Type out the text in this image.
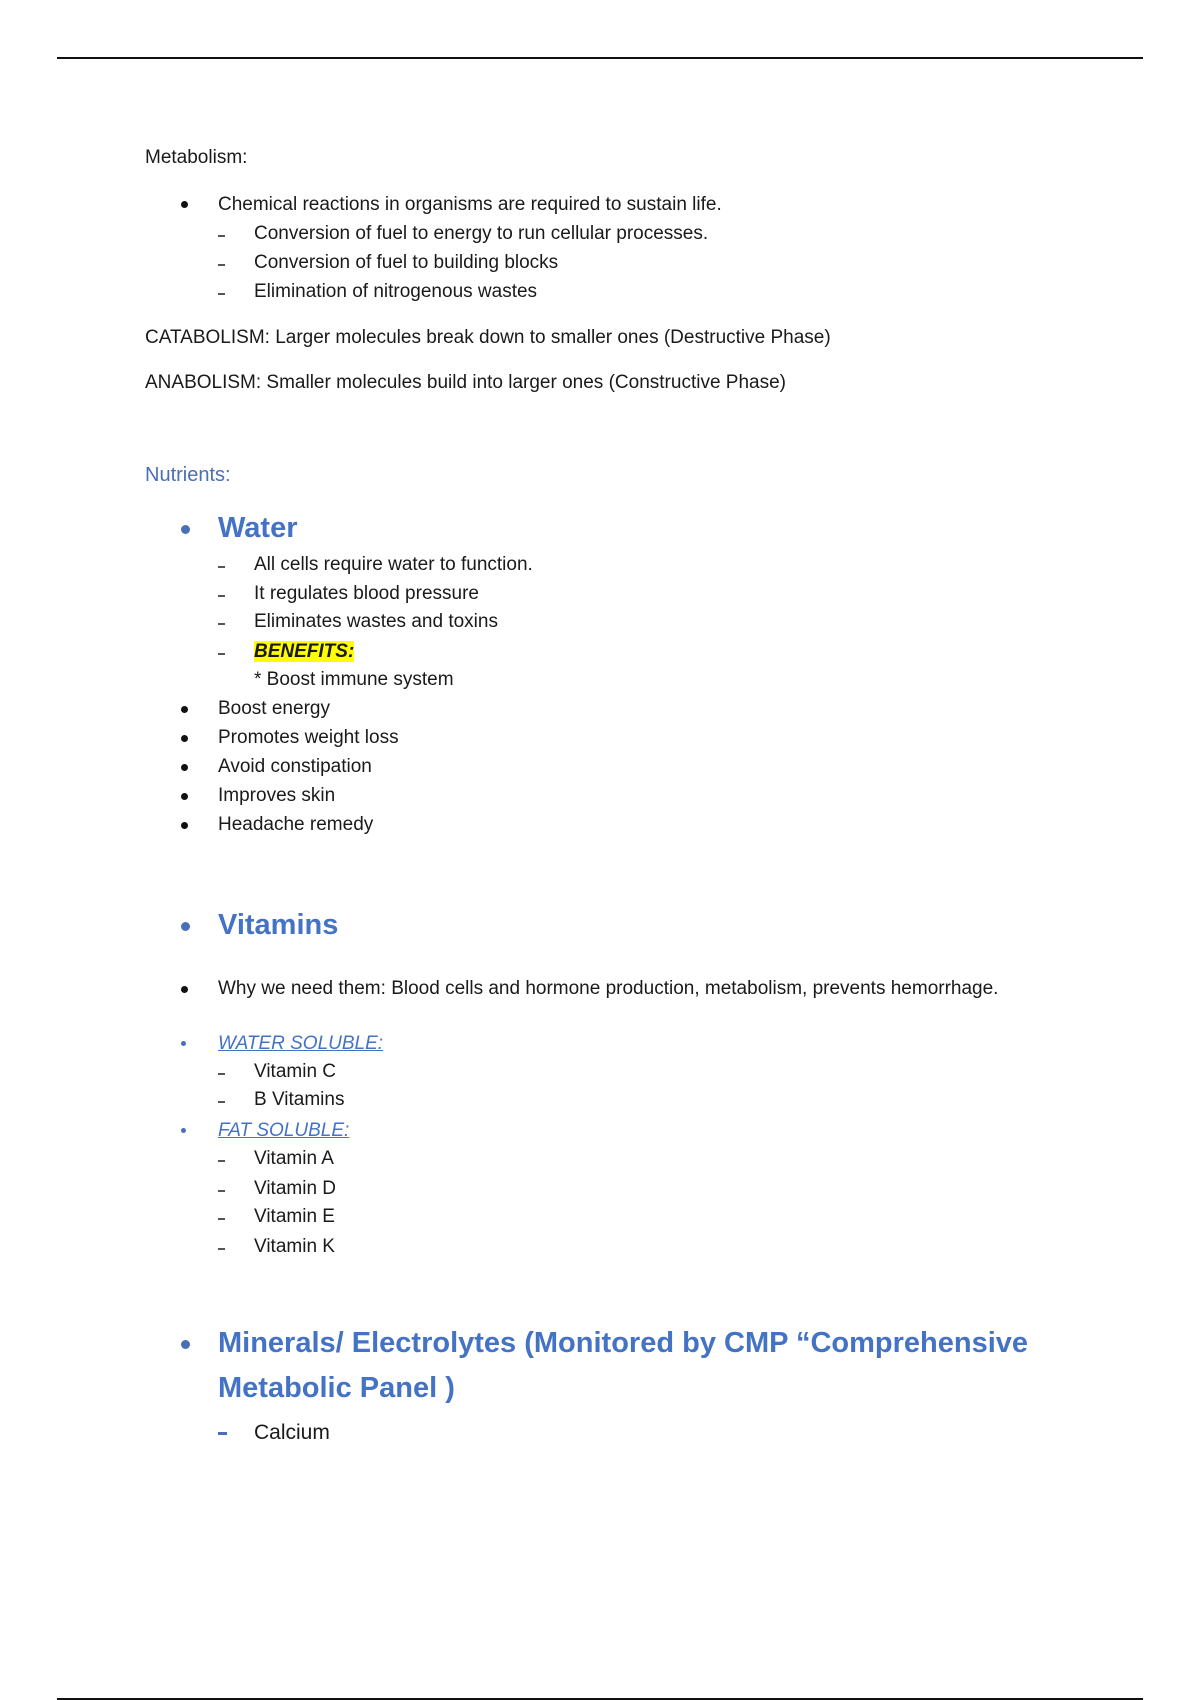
Metabolism:
Chemical reactions in organisms are required to sustain life.
Conversion of fuel to energy to run cellular processes.
Conversion of fuel to building blocks
Elimination of nitrogenous wastes
CATABOLISM: Larger molecules break down to smaller ones (Destructive Phase)
ANABOLISM: Smaller molecules build into larger ones (Constructive Phase)
Nutrients:
Water
All cells require water to function.
It regulates blood pressure
Eliminates wastes and toxins
BENEFITS:
* Boost immune system
Boost energy
Promotes weight loss
Avoid constipation
Improves skin
Headache remedy
Vitamins
Why we need them: Blood cells and hormone production, metabolism, prevents hemorrhage.
WATER SOLUBLE:
Vitamin C
B Vitamins
FAT SOLUBLE:
Vitamin A
Vitamin D
Vitamin E
Vitamin K
Minerals/ Electrolytes (Monitored by CMP “Comprehensive
Metabolic Panel )
Calcium
